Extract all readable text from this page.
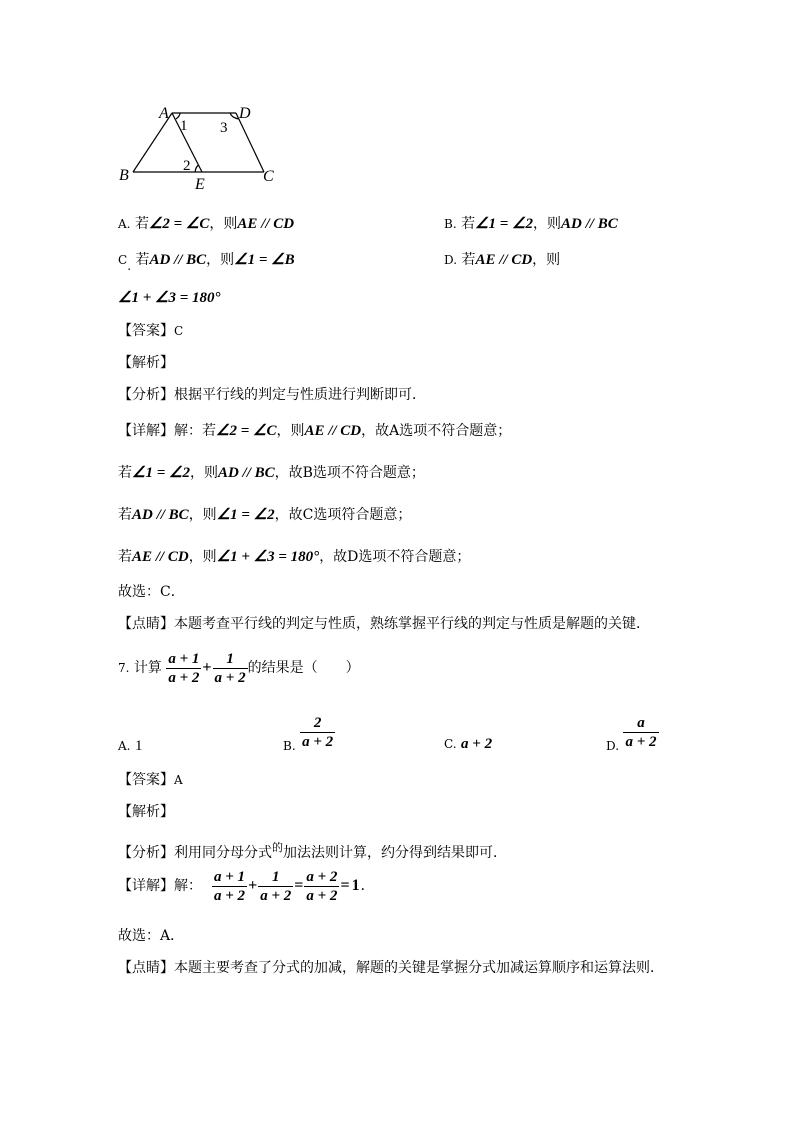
A	D
B
E	C
1
2
3
A. 若∠2 = ∠C，则AE // CD	B. 若∠1 = ∠2，则AD // BC
C. 若AD // BC，则∠1 = ∠B	D. 若AE // CD，则
∠1 + ∠3 = 180°
【答案】C
【解析】
【分析】根据平行线的判定与性质进行判断即可．
【详解】解：若∠2 = ∠C，则AE // CD，故A选项不符合题意；
若∠1 = ∠2，则AD // BC，故B选项不符合题意；
若AD // BC，则∠1 = ∠2，故C选项符合题意；
若AE // CD，则∠1 + ∠3 = 180°，故D选项不符合题意；
故选：C．
【点睛】本题考查平行线的判定与性质，熟练掌握平行线的判定与性质是解题的关键．
7. 计算 $\frac{a + 1}{a + 2} + \frac{1}{a + 2}$ 的结果是（　　）
A. 1	B. $\frac{2}{a + 2}$	C. a + 2	D. $\frac{a}{a + 2}$
【答案】A
【解析】
【分析】利用同分母分式$^的$加法法则计算，约分得到结果即可．
【详解】解： $\frac{a + 1}{a + 2} + \frac{1}{a + 2} = \frac{a + 2}{a + 2} = 1$．
故选：A．
【点睛】本题主要考查了分式的加减，解题的关键是掌握分式加减运算顺序和运算法则．
